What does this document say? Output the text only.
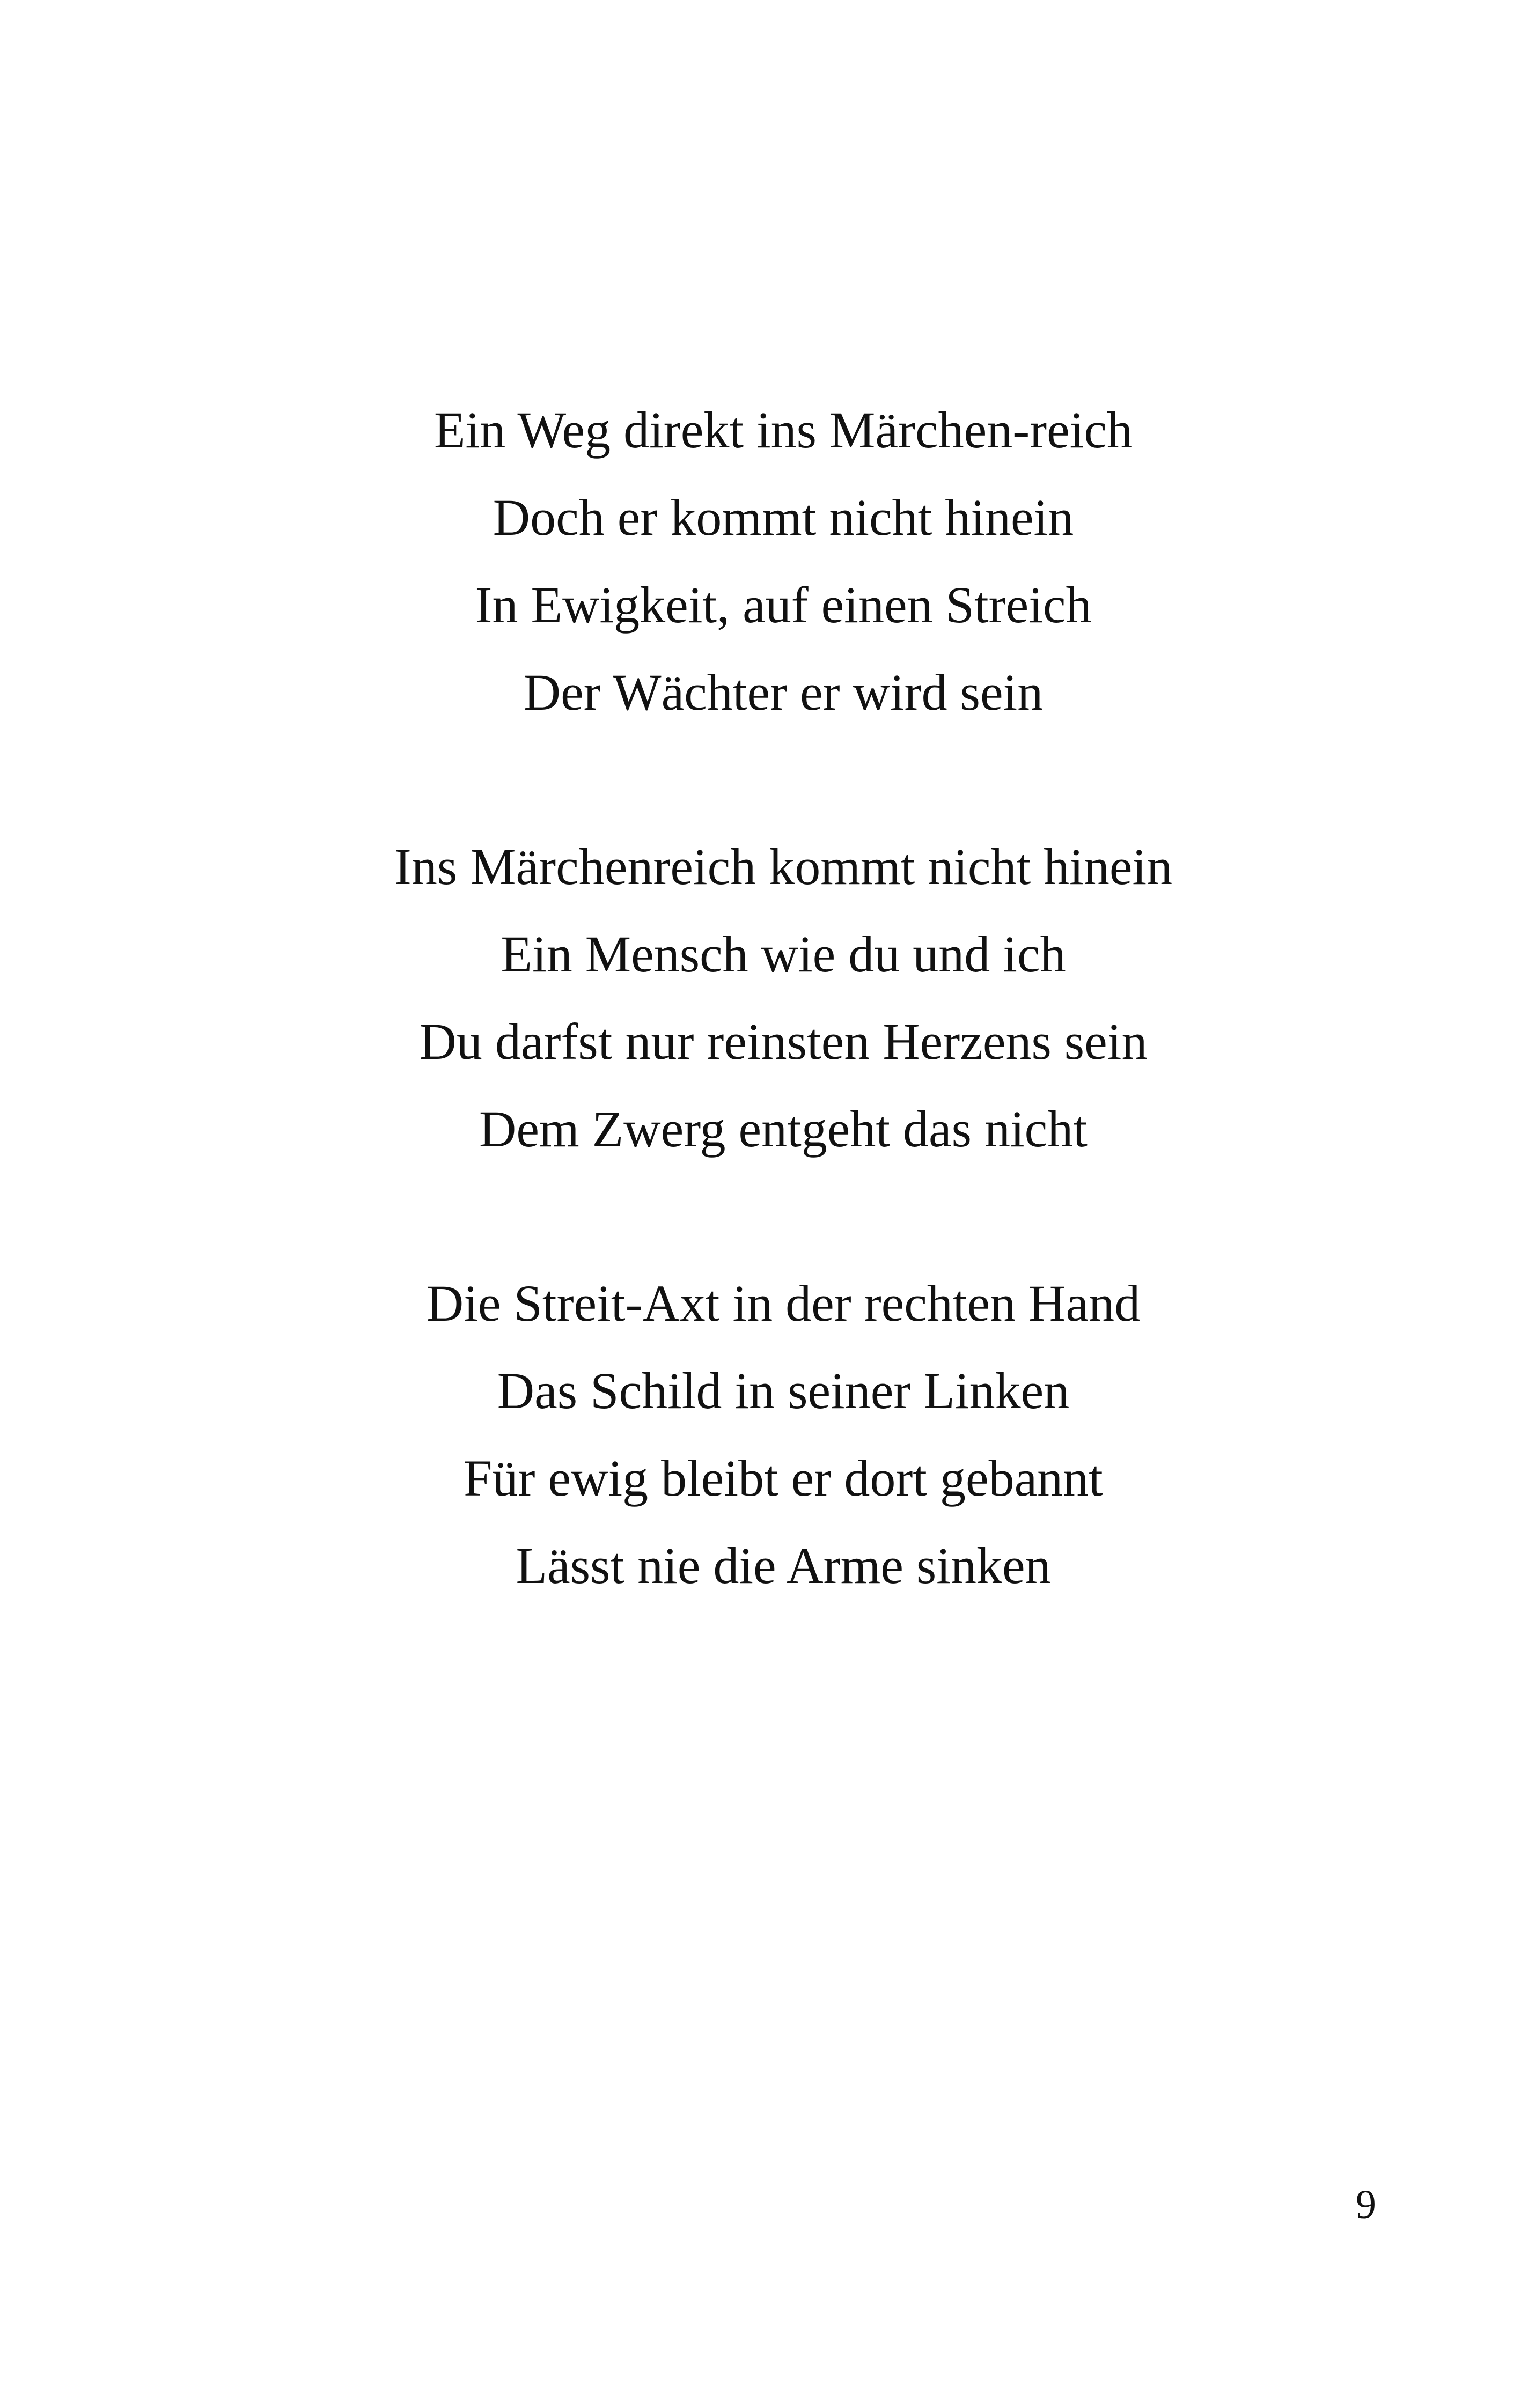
Ein Weg direkt ins Märchen-reich
Doch er kommt nicht hinein
In Ewigkeit, auf einen Streich
Der Wächter er wird sein
Ins Märchenreich kommt nicht hinein
Ein Mensch wie du und ich
Du darfst nur reinsten Herzens sein
Dem Zwerg entgeht das nicht
Die Streit-Axt in der rechten Hand
Das Schild in seiner Linken
Für ewig bleibt er dort gebannt
Lässt nie die Arme sinken
9
